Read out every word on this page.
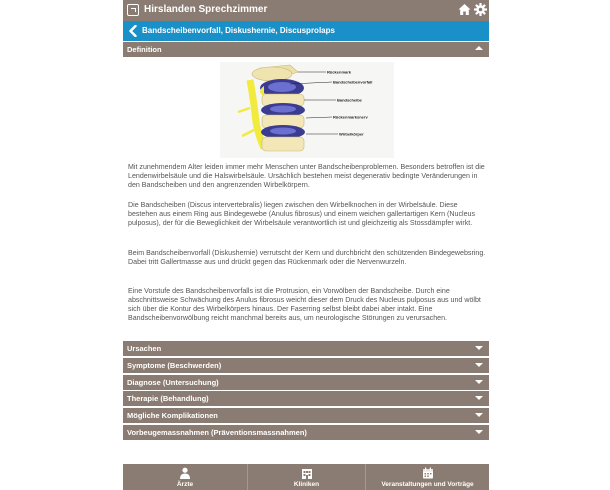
Hirslanden Sprechzimmer
Bandscheibenvorfall, Diskushernie, Discusprolaps
Definition
Rückenmark
Bandscheibenvorfall
Bandscheibe
Rückenmarksnerv
Wirbelkörper

Mit zunehmendem Alter leiden immer mehr Menschen unter Bandscheibenproblemen. Besonders betroffen ist die Lendenwirbelsäule und die Halswirbelsäule. Ursächlich bestehen meist degenerativ bedingte Veränderungen in den Bandscheiben und den angrenzenden Wirbelkörpern.

Die Bandscheiben (Discus intervertebralis) liegen zwischen den Wirbelknochen in der Wirbelsäule. Diese bestehen aus einem Ring aus Bindegewebe (Anulus fibrosus) und einem weichen gallertartigen Kern (Nucleus pulposus), der für die Beweglichkeit der Wirbelsäule verantwortlich ist und gleichzeitig als Stossdämpfer wirkt.

Beim Bandscheibenvorfall (Diskushernie) verrutscht der Kern und durchbricht den schützenden Bindegewebsring. Dabei tritt Gallertmasse aus und drückt gegen das Rückenmark oder die Nervenwurzeln.

Eine Vorstufe des Bandscheibenvorfalls ist die Protrusion, ein Vorwölben der Bandscheibe. Durch eine abschnittsweise Schwächung des Anulus fibrosus weicht dieser dem Druck des Nucleus pulposus aus und wölbt sich über die Kontur des Wirbelkörpers hinaus. Der Faserring selbst bleibt dabei aber intakt. Eine Bandscheibenvorwölbung reicht manchmal bereits aus, um neurologische Störungen zu verursachen.

Ursachen
Symptome (Beschwerden)
Diagnose (Untersuchung)
Therapie (Behandlung)
Mögliche Komplikationen
Vorbeugemassnahmen (Präventionsmassnahmen)
Ärzte	Kliniken	Veranstaltungen und Vorträge
